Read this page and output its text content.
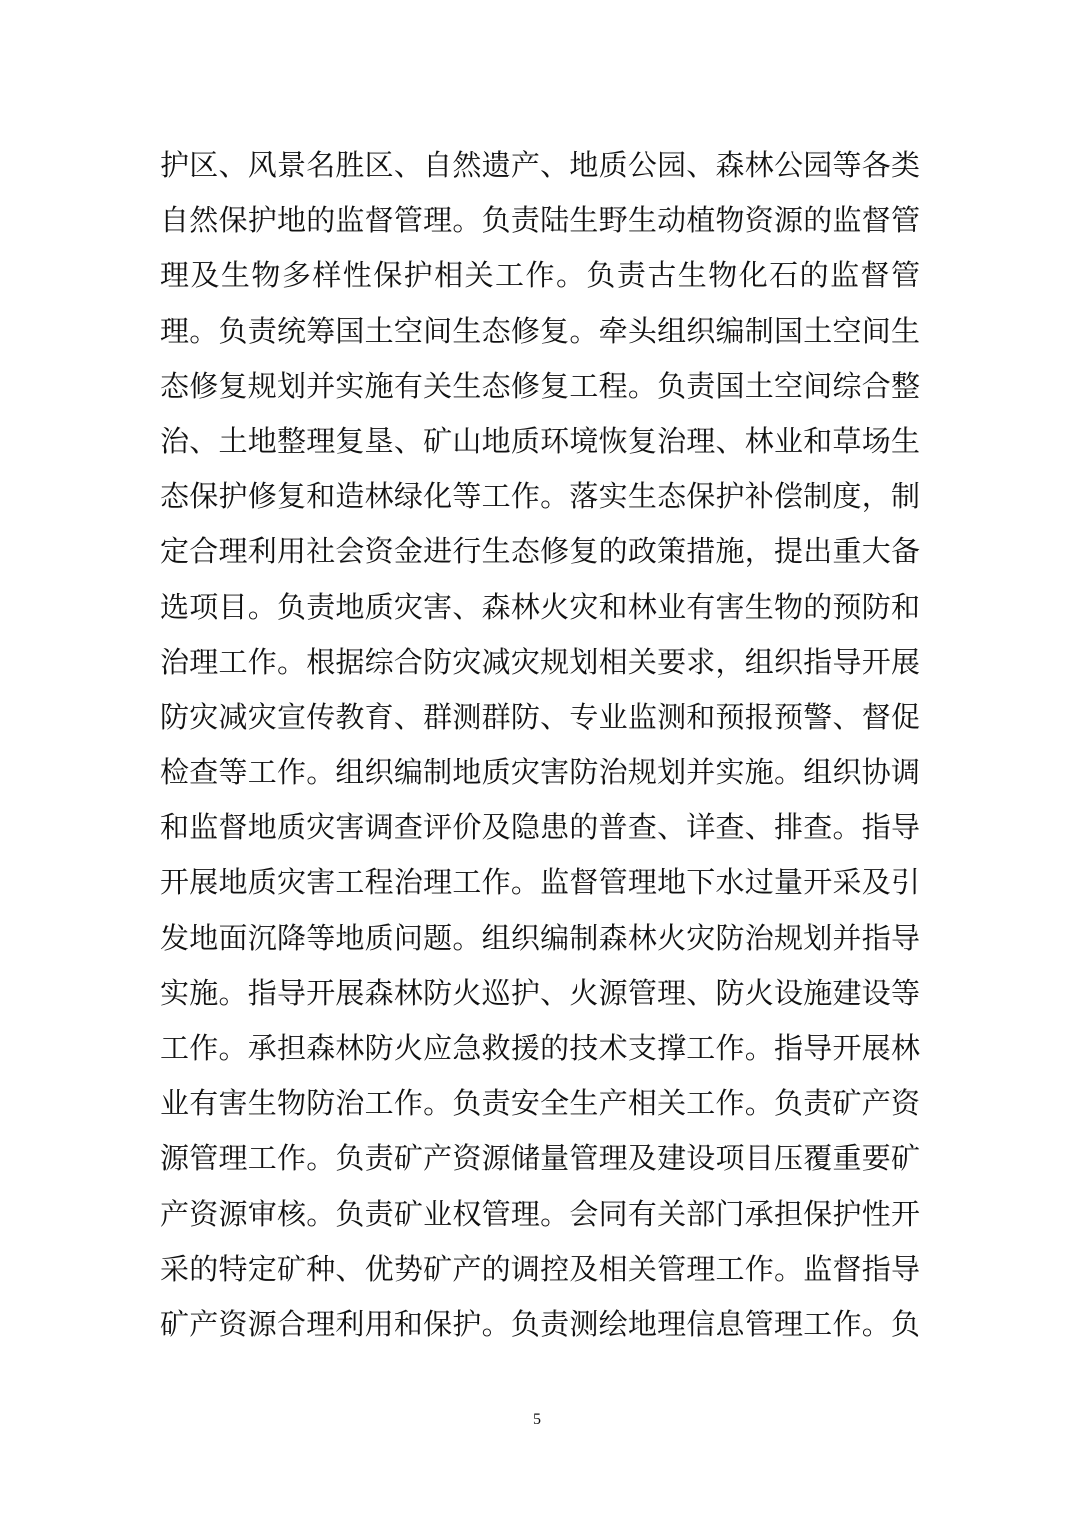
护区、风景名胜区、自然遗产、地质公园、森林公园等各类
自然保护地的监督管理。负责陆生野生动植物资源的监督管
理及生物多样性保护相关工作。负责古生物化石的监督管
理。负责统筹国土空间生态修复。牵头组织编制国土空间生
态修复规划并实施有关生态修复工程。负责国土空间综合整
治、土地整理复垦、矿山地质环境恢复治理、林业和草场生
态保护修复和造林绿化等工作。落实生态保护补偿制度，制
定合理利用社会资金进行生态修复的政策措施，提出重大备
选项目。负责地质灾害、森林火灾和林业有害生物的预防和
治理工作。根据综合防灾减灾规划相关要求，组织指导开展
防灾减灾宣传教育、群测群防、专业监测和预报预警、督促
检查等工作。组织编制地质灾害防治规划并实施。组织协调
和监督地质灾害调查评价及隐患的普查、详查、排查。指导
开展地质灾害工程治理工作。监督管理地下水过量开采及引
发地面沉降等地质问题。组织编制森林火灾防治规划并指导
实施。指导开展森林防火巡护、火源管理、防火设施建设等
工作。承担森林防火应急救援的技术支撑工作。指导开展林
业有害生物防治工作。负责安全生产相关工作。负责矿产资
源管理工作。负责矿产资源储量管理及建设项目压覆重要矿
产资源审核。负责矿业权管理。会同有关部门承担保护性开
采的特定矿种、优势矿产的调控及相关管理工作。监督指导
矿产资源合理利用和保护。负责测绘地理信息管理工作。负
5
